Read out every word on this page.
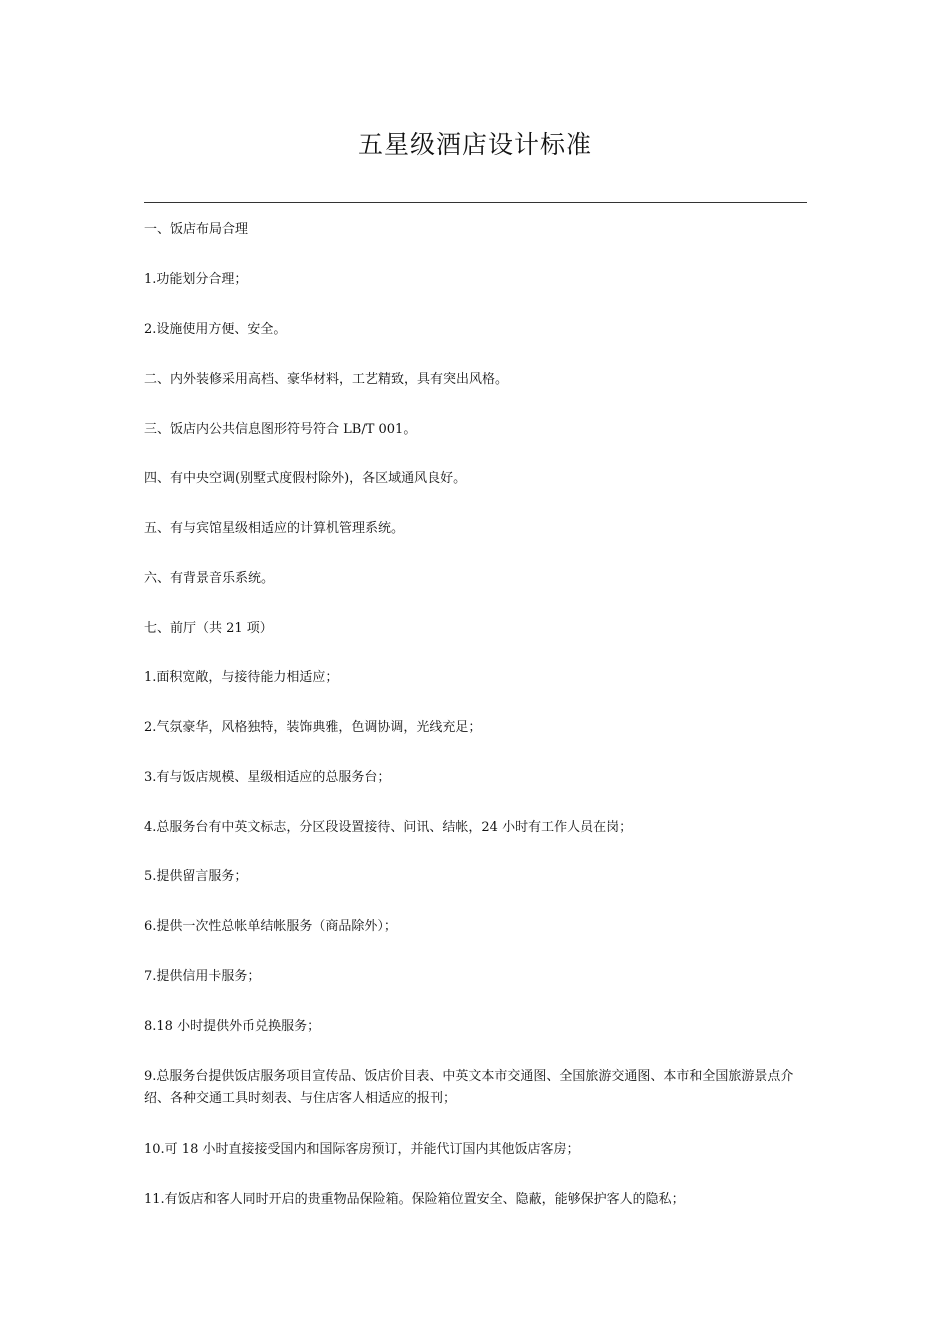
五星级酒店设计标准
一、饭店布局合理
1.功能划分合理；
2.设施使用方便、安全。
二、内外装修采用高档、豪华材料，工艺精致，具有突出风格。
三、饭店内公共信息图形符号符合 LB/T 001。
四、有中央空调(别墅式度假村除外)，各区域通风良好。
五、有与宾馆星级相适应的计算机管理系统。
六、有背景音乐系统。
七、前厅（共 21 项）
1.面积宽敞，与接待能力相适应；
2.气氛豪华，风格独特，装饰典雅，色调协调，光线充足；
3.有与饭店规模、星级相适应的总服务台；
4.总服务台有中英文标志，分区段设置接待、问讯、结帐，24 小时有工作人员在岗；
5.提供留言服务；
6.提供一次性总帐单结帐服务（商品除外）；
7.提供信用卡服务；
8.18 小时提供外币兑换服务；
9.总服务台提供饭店服务项目宣传品、饭店价目表、中英文本市交通图、全国旅游交通图、本市和全国旅游景点介绍、各种交通工具时刻表、与住店客人相适应的报刊；
10.可 18 小时直接接受国内和国际客房预订，并能代订国内其他饭店客房；
11.有饭店和客人同时开启的贵重物品保险箱。保险箱位置安全、隐蔽，能够保护客人的隐私；
